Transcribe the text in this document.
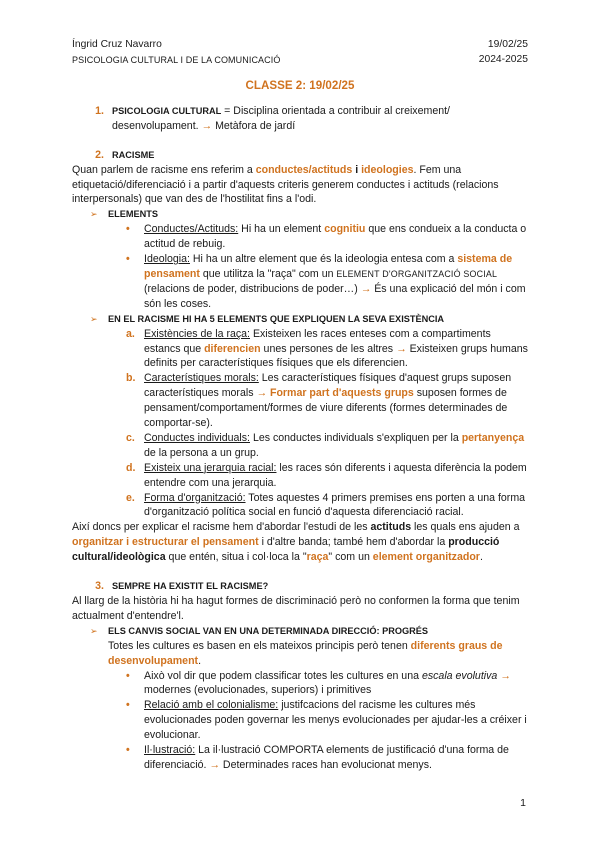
Íngrid Cruz Navarro	19/02/25
PSICOLOGIA CULTURAL I DE LA COMUNICACIÓ	2024-2025
CLASSE 2: 19/02/25
1. PSICOLOGIA CULTURAL = Disciplina orientada a contribuir al creixement/ desenvolupament. → Metàfora de jardí
2. RACISME

Quan parlem de racisme ens referim a conductes/actituds i ideologies. Fem una etiquetació/diferenciació i a partir d'aquests criteris generem conductes i actituds (relacions interpersonals) que van des de l'hostilitat fins a l'odi.

➢	ELEMENTS
•	Conductes/Actituds: Hi ha un element cognitiu que ens condueix a la conducta o actitud de rebuig.
•	Ideologia: Hi ha un altre element que és la ideologia entesa com a sistema de pensament que utilitza la "raça" com un ELEMENT D'ORGANITZACIÓ SOCIAL (relacions de poder, distribucions de poder…) → És una explicació del món i com són les coses.
➢	EN EL RACISME HI HA 5 ELEMENTS QUE EXPLIQUEN LA SEVA EXISTÈNCIA
a. Existències de la raça: Existeixen les races enteses com a compartiments estancs que diferencien unes persones de les altres → Existeixen grups humans definits per característiques físiques que els diferencien.
b. Característiques morals: Les característiques físiques d'aquest grups suposen característiques morals → Formar part d'aquests grups suposen formes de pensament/comportament/formes de viure diferents (formes determinades de comportar-se).
c. Conductes individuals: Les conductes individuals s'expliquen per la pertanyença de la persona a un grup.
d. Existeix una jerarquia racial: les races són diferents i aquesta diferència la podem entendre com una jerarquia.
e. Forma d'organització: Totes aquestes 4 primers premises ens porten a una forma d'organització política social en funció d'aquesta diferenciació racial.

Així doncs per explicar el racisme hem d'abordar l'estudi de les actituds les quals ens ajuden a organitzar i estructurar el pensament i d'altre banda; també hem d'abordar la producció cultural/ideològica que entén, situa i col·loca la "raça" com un element organitzador.

3. SEMPRE HA EXISTIT EL RACISME?

Al llarg de la història hi ha hagut formes de discriminació però no conformen la forma que tenim actualment d'entendre'l.

➢	ELS CANVIS SOCIAL VAN EN UNA DETERMINADA DIRECCIÓ: PROGRÉS
Totes les cultures es basen en els mateixos principis però tenen diferents graus de desenvolupament.
•	Això vol dir que podem classificar totes les cultures en una escala evolutiva → modernes (evolucionades, superiors) i primitives
•	Relació amb el colonialisme: justifcacions del racisme les cultures més evolucionades poden governar les menys evolucionades per ajudar-les a créixer i evolucionar.
•	Il·lustració: La il·lustració COMPORTA elements de justificació d'una forma de diferenciació. → Determinades races han evolucionat menys.
1
